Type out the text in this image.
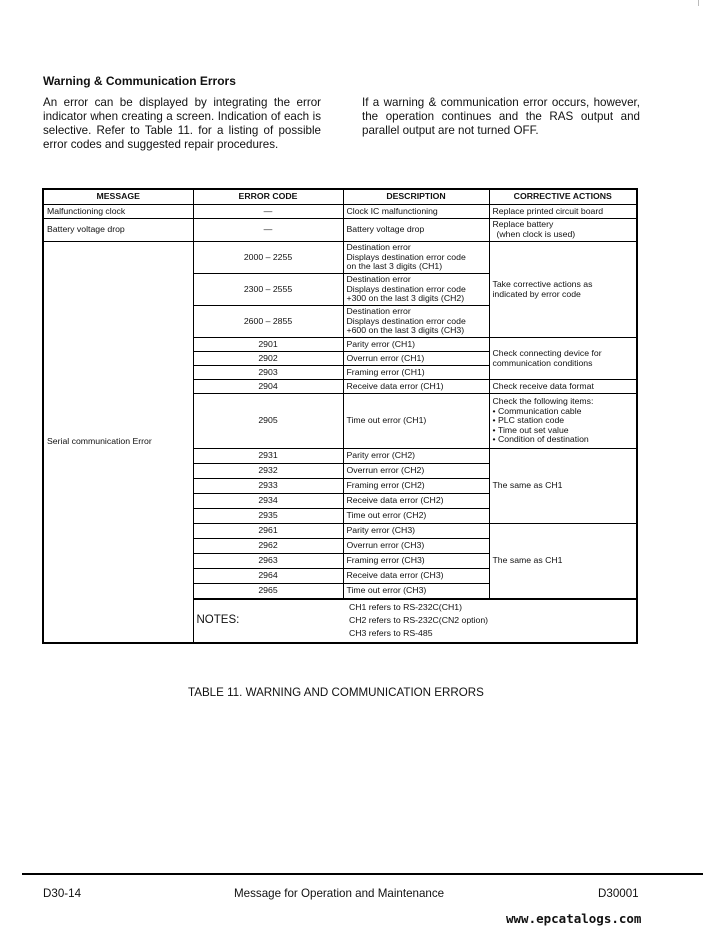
Warning & Communication Errors
An error can be displayed by integrating the error indicator when creating a screen. Indication of each is selective. Refer to Table 11. for a listing of possible error codes and suggested repair procedures.
If a warning & communication error occurs, however, the operation continues and the RAS output and parallel output are not turned OFF.
MESSAGE	ERROR CODE	DESCRIPTION	CORRECTIVE ACTIONS
Malfunctioning clock	—	Clock IC malfunctioning	Replace printed circuit board
Battery voltage drop	—	Battery voltage drop	Replace battery
(when clock is used)

Serial communication Error	2000 – 2255	Destination error
Displays destination error code
on the last 3 digits (CH1)	Take corrective actions as
indicated by error code

	2300 – 2555	Destination error
Displays destination error code
+300 on the last 3 digits (CH2)	

	2600 – 2855	Destination error
Displays destination error code
+600 on the last 3 digits (CH3)	

	2901	Parity error (CH1)	Check connecting device for
communication conditions

	2902	Overrun error (CH1)	
	2903	Framing error (CH1)	
	2904	Receive data error (CH1)	Check receive data format
	2905	Time out error (CH1)	Check the following items:
• Communication cable
• PLC station code
• Time out set value
• Condition of destination

	2931	Parity error (CH2)	The same as CH1
	2932	Overrun error (CH2)	
	2933	Framing error (CH2)	
	2934	Receive data error (CH2)	
	2935	Time out error (CH2)	
	2961	Parity error (CH3)	The same as CH1
	2962	Overrun error (CH3)	
	2963	Framing error (CH3)	
	2964	Receive data error (CH3)	
	2965	Time out error (CH3)	
	NOTES:	CH1 refers to RS-232C(CH1)
CH2 refers to RS-232C(CN2 option)
CH3 refers to RS-485	
TABLE 11. WARNING AND COMMUNICATION ERRORS
D30-14	Message for Operation and Maintenance	D30001
www.epcatalogs.com
